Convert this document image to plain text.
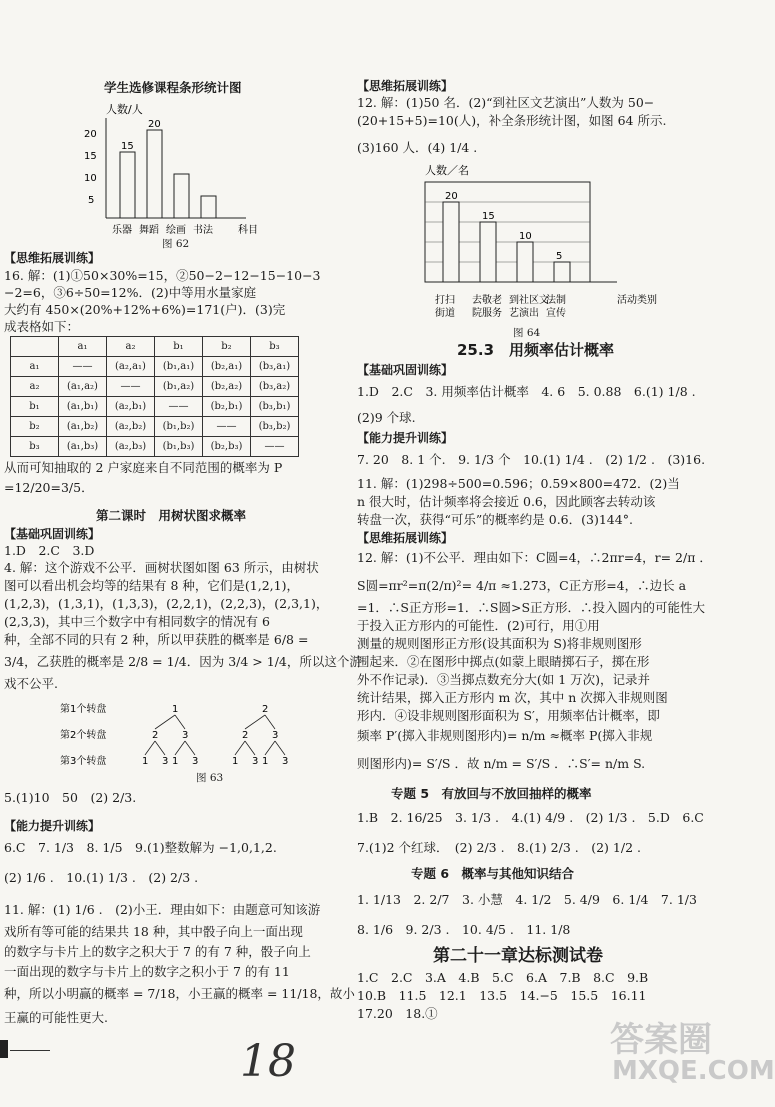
学生选修课程条形统计图
人数/人
5
10
15
20
15
乐器
20
舞蹈 绘画 书法	科目
图 62
【思维拓展训练】
16. 解：(1)①50×30%=15，②50−2−12−15−10−3
−2=6，③6÷50=12%．(2)中等用水量家庭
大约有 450×(20%+12%+6%)=171(户)．(3)完
成表格如下：
	a₁	a₂	b₁	b₂	b₃
a₁	——	(a₂,a₁)	(b₁,a₁)	(b₂,a₁)	(b₃,a₁)
a₂	(a₁,a₂)	——	(b₁,a₂)	(b₂,a₂)	(b₃,a₂)
b₁	(a₁,b₁)	(a₂,b₁)	——	(b₂,b₁)	(b₃,b₁)
b₂	(a₁,b₂)	(a₂,b₂)	(b₁,b₂)	——	(b₃,b₂)
b₃	(a₁,b₃)	(a₂,b₃)	(b₁,b₃)	(b₂,b₃)	——
从而可知抽取的 2 户家庭来自不同范围的概率为 P
=12/20=3/5．
第二课时　用树状图求概率
【基础巩固训练】
1.D　2.C　3.D
4. 解：这个游戏不公平．画树状图如图 63 所示，由树状
图可以看出机会均等的结果有 8 种，它们是(1,2,1)，
(1,2,3)，(1,3,1)，(1,3,3)，(2,2,1)，(2,2,3)，(2,3,1)，
(2,3,3)，其中三个数字中有相同数字的情况有 6
种，全部不同的只有 2 种，所以甲获胜的概率是 6/8 =
3/4，乙获胜的概率是 2/8 = 1/4．因为 3/4 > 1/4，所以这个游
戏不公平.
第1个转盘
第2个转盘
第3个转盘
1	2
2 3	2 3
1 3 1 3	1 3 1 3
图 63
5.(1)10　50　(2) 2/3.
【能力提升训练】
6.C　7. 1/3　8. 1/5　9.(1)整数解为 −1,0,1,2.
(2) 1/6 .　10.(1) 1/3 .　(2) 2/3 .
11. 解：(1) 1/6 .　(2)小王．理由如下：由题意可知该游
戏所有等可能的结果共 18 种，其中骰子向上一面出现
的数字与卡片上的数字之积大于 7 的有 7 种，骰子向上
一面出现的数字与卡片上的数字之积小于 7 的有 11
种，所以小明赢的概率 = 7/18，小王赢的概率 = 11/18，故小
王赢的可能性更大.
【思维拓展训练】
12. 解：(1)50 名．(2)“到社区文艺演出”人数为 50−
(20+15+5)=10(人)，补全条形统计图，如图 64 所示.
(3)160 人．(4) 1/4 .
人数／名
20
打扫
街道
15
去敬老
院服务
10
到社区文
艺演出
5
法制
宣传
活动类别
图 64
25.3　用频率估计概率
【基础巩固训练】
1.D　2.C　3. 用频率估计概率　4. 6　5. 0.88　6.(1) 1/8 .
(2)9 个球.
【能力提升训练】
7. 20　8. 1 个.　9. 1/3 个　10.(1) 1/4 .　(2) 1/2 .　(3)16.
11. 解：(1)298÷500=0.596；0.59×800=472．(2)当
n 很大时，估计频率将会接近 0.6，因此顾客去转动该
转盘一次，获得“可乐”的概率约是 0.6．(3)144°.
【思维拓展训练】
12. 解：(1)不公平．理由如下：C圆=4，∴2πr=4，r= 2/π ．
S圆=πr²=π(2/π)²= 4/π ≈1.273，C正方形=4，∴边长 a
=1．∴S正方形=1．∴S圆>S正方形．∴投入圆内的可能性大
于投入正方形内的可能性．(2)可行，用①用
测量的规则图形正方形(设其面积为 S)将非规则图形
围起来．②在图形中掷点(如蒙上眼睛掷石子，掷在形
外不作记录)．③当掷点数充分大(如 1 万次)，记录并
统计结果，掷入正方形内 m 次，其中 n 次掷入非规则图
形内．④设非规则图形面积为 S′，用频率估计概率，即
频率 P′(掷入非规则图形内)= n/m ≈概率 P(掷入非规
则图形内)= S′/S ．故 n/m = S′/S ．∴S′= n/m S.
专题 5　有放回与不放回抽样的概率
1.B　2. 16/25　3. 1/3 .　4.(1) 4/9 .　(2) 1/3 .　5.D　6.C
7.(1)2 个红球．　(2) 2/3 .　8.(1) 2/3 .　(2) 1/2 .
专题 6　概率与其他知识结合
1. 1/13　2. 2/7　3. 小慧　4. 1/2　5. 4/9　6. 1/4　7. 1/3
8. 1/6　9. 2/3 .　10. 4/5 .　11. 1/8
第二十一章达标测试卷
1.C　2.C　3.A　4.B　5.C　6.A　7.B　8.C　9.B
10.B　11.5　12.1　13.5　14.−5　15.5　16.11
17.20　18.①
18	答案圈
MXQE.COM
